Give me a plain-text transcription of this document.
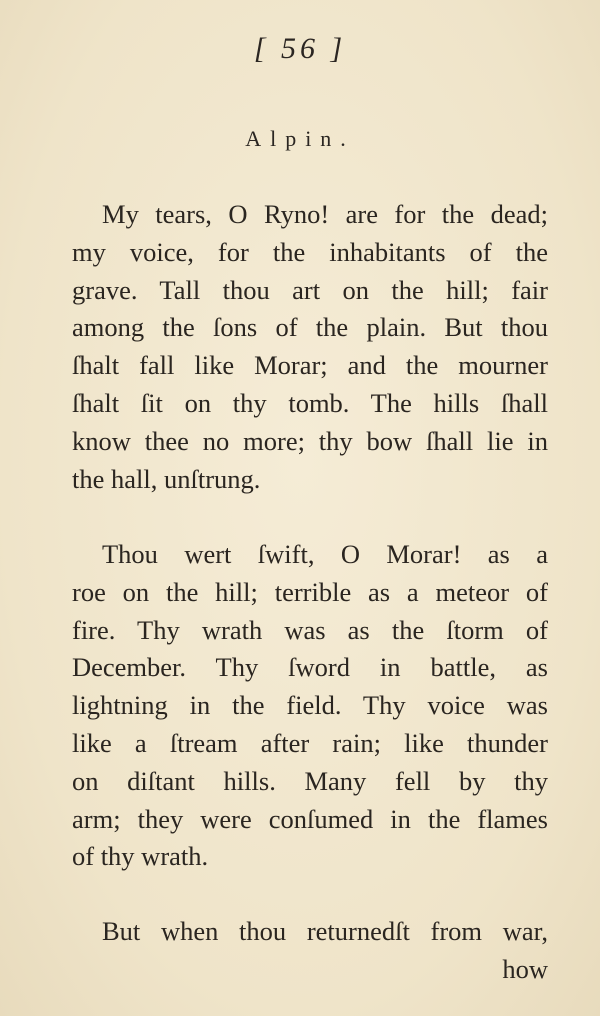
[ 56 ]
Alpin.
My tears, O Ryno! are for the dead;
my voice, for the inhabitants of the
grave. Tall thou art on the hill; fair
among the ſons of the plain. But thou
ſhalt fall like Morar; and the mourner
ſhalt ſit on thy tomb. The hills ſhall
know thee no more; thy bow ſhall lie in
the hall, unſtrung.
Thou wert ſwift, O Morar! as a
roe on the hill; terrible as a meteor of
fire. Thy wrath was as the ſtorm of
December. Thy ſword in battle, as
lightning in the field. Thy voice was
like a ſtream after rain; like thunder
on diſtant hills. Many fell by thy
arm; they were conſumed in the flames
of thy wrath.
But when thou returnedſt from war,
how
